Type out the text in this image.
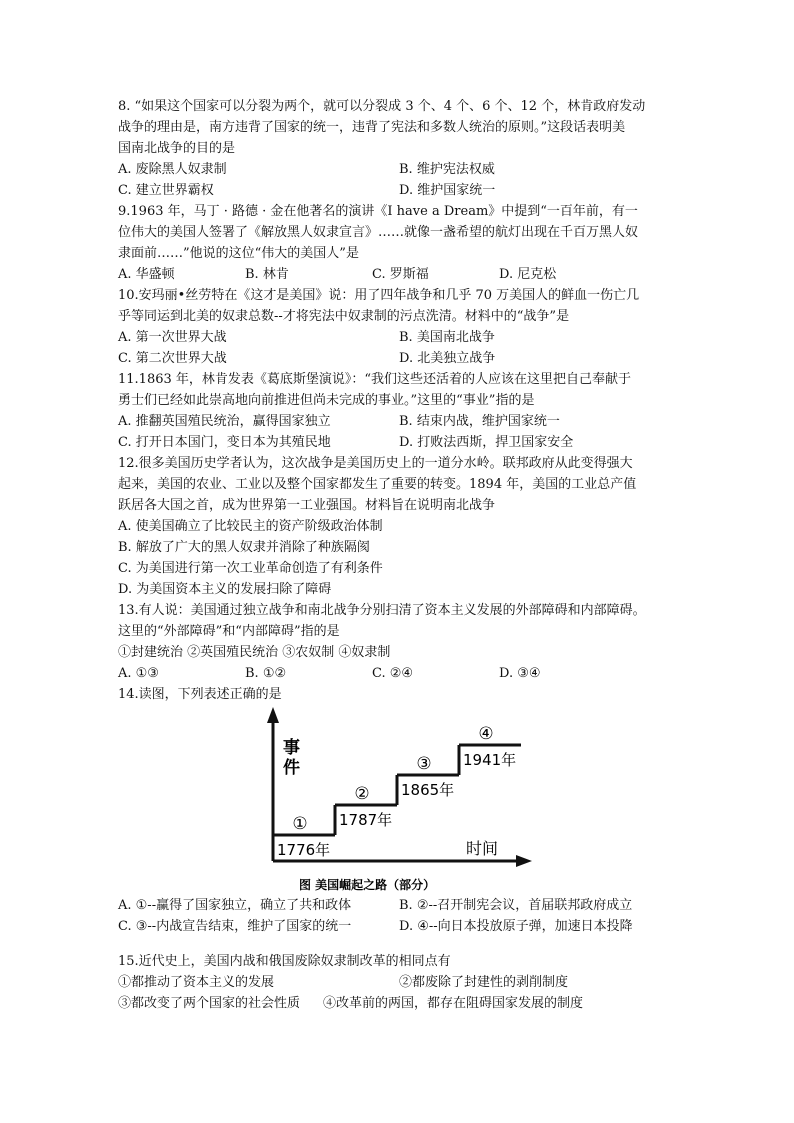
8. “如果这个国家可以分裂为两个，就可以分裂成 3 个、4 个、6 个、12 个，林肯政府发动
战争的理由是，南方违背了国家的统一，违背了宪法和多数人统治的原则。”这段话表明美
国南北战争的目的是
A. 废除黑人奴隶制	B. 维护宪法权威
C. 建立世界霸权	D. 维护国家统一
9.1963 年，马丁 · 路德 · 金在他著名的演讲《I have a Dream》中提到“一百年前，有一
位伟大的美国人签署了《解放黑人奴隶宣言》……就像一盏希望的航灯出现在千百万黑人奴
隶面前……”他说的这位“伟大的美国人”是
A. 华盛顿	B. 林肯	C. 罗斯福	D. 尼克松
10.安玛丽•丝劳特在《这才是美国》说：用了四年战争和几乎 70 万美国人的鲜血一伤亡几
乎等同运到北美的奴隶总数--才将宪法中奴隶制的污点洗清。材料中的“战争”是
A. 第一次世界大战	B. 美国南北战争
C. 第二次世界大战	D. 北美独立战争
11.1863 年，林肯发表《葛底斯堡演说》：“我们这些还活着的人应该在这里把自己奉献于
勇士们已经如此崇高地向前推进但尚未完成的事业。”这里的“事业”指的是
A. 推翻英国殖民统治，赢得国家独立	B. 结束内战，维护国家统一
C. 打开日本国门，变日本为其殖民地	D. 打败法西斯，捍卫国家安全
12.很多美国历史学者认为，这次战争是美国历史上的一道分水岭。联邦政府从此变得强大
起来，美国的农业、工业以及整个国家都发生了重要的转变。1894 年，美国的工业总产值
跃居各大国之首，成为世界第一工业强国。材料旨在说明南北战争
A. 使美国确立了比较民主的资产阶级政治体制
B. 解放了广大的黑人奴隶并消除了种族隔阂
C. 为美国进行第一次工业革命创造了有利条件
D. 为美国资本主义的发展扫除了障碍
13.有人说：美国通过独立战争和南北战争分别扫清了资本主义发展的外部障碍和内部障碍。
这里的“外部障碍”和“内部障碍”指的是
①封建统治 ②英国殖民统治 ③农奴制 ④奴隶制
A. ①③	B. ①②	C. ②④	D. ③④
14.读图，下列表述正确的是
事
件
时间
1776年
① 1787年
② 1865年
③ 1941年
④
图 美国崛起之路（部分）
A. ①--赢得了国家独立，确立了共和政体	B. ②--召开制宪会议，首届联邦政府成立
C. ③--内战宣告结束，维护了国家的统一	D. ④--向日本投放原子弹，加速日本投降
15.近代史上，美国内战和俄国废除奴隶制改革的相同点有
①都推动了资本主义的发展	②都废除了封建性的剥削制度
③都改变了两个国家的社会性质	④改革前的两国，都存在阻碍国家发展的制度
